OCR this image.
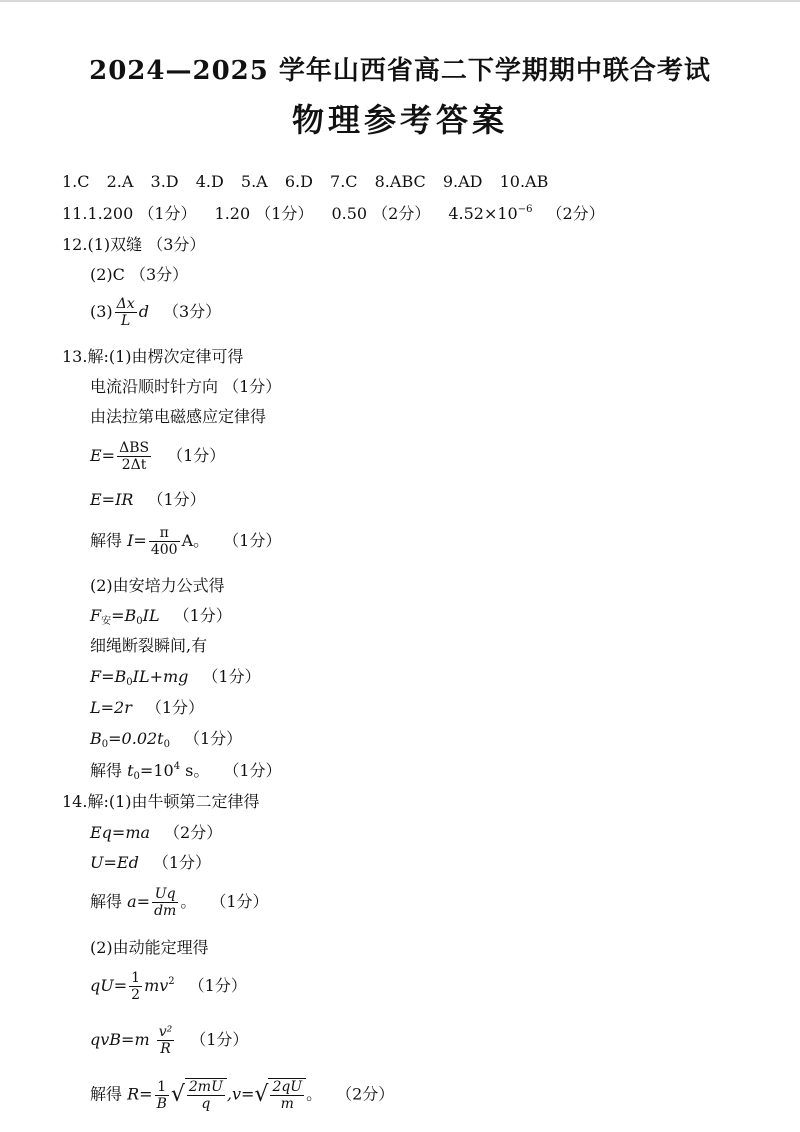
2024—2025 学年山西省高二下学期期中联合考试
物理参考答案
1.C 2.A 3.D 4.D 5.A 6.D 7.C 8.ABC 9.AD 10.AB
11.1.200 （1分） 1.20 （1分） 0.50 （2分） $4.52\times 10^{-6}$ （2分）
12.(1)双缝 （3分）
(2)C （3分）
$(3) \frac{\Delta x}{L}$ d （3分）
13.解:(1)由楞次定律可得
电流沿顺时针方向 （1分）
由法拉第电磁感应定律得
$E= \frac{\text{ΔBS}}{2\Delta t} (1$分）
E=IR （1分）
解得 $I= \frac{\pi}{400}$ A。 （1分）
(2)由安培力公式得
$F_安=B_0IL$ （1分）
细绳断裂瞬间,有
$F=B_0IL+mg$ （1分）
L=2r （1分）
$B_0=0.02t_0$ （1分）
解得 $t_0=10^4$ s。 （1分）
14.解:(1)由牛顿第二定律得
Eq=ma （2分）
U=Ed （1分）
解得 $a= \frac{Uq}{dm}$ 。 （1分）
(2)由动能定理得
$qU= \frac{1}{2} mv^2$ （1分）
$qvB=m \frac{\text{v²}}{R} (1$分）
解得 $R= \frac{1}{B}$ √ $\frac{2mU}{q} ,v=√ \frac{2qU}{m}$ 。 （2分）
